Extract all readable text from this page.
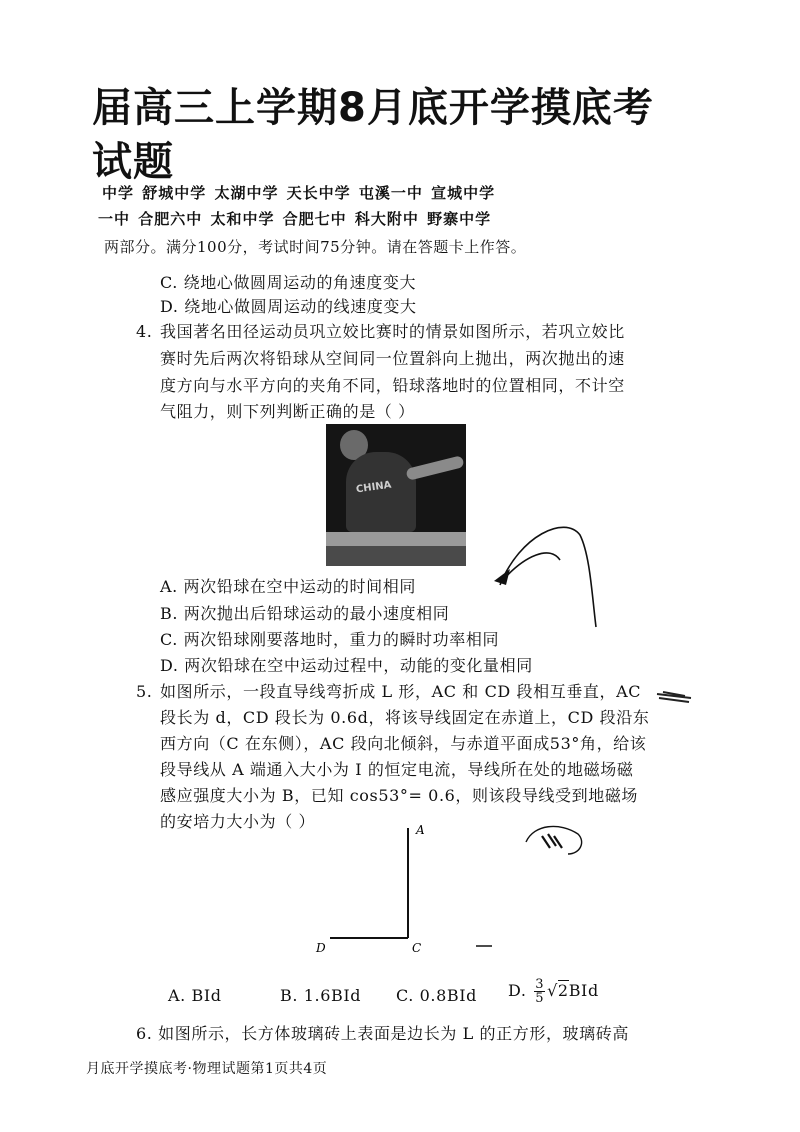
届高三上学期8月底开学摸底考
试题
中学 舒城中学 太湖中学 天长中学 屯溪一中 宣城中学
一中 合肥六中 太和中学 合肥七中 科大附中 野寨中学
两部分。满分100分，考试时间75分钟。请在答题卡上作答。
C. 绕地心做圆周运动的角速度变大
D. 绕地心做圆周运动的线速度变大
4. 我国著名田径运动员巩立姣比赛时的情景如图所示，若巩立姣比
赛时先后两次将铅球从空间同一位置斜向上抛出，两次抛出的速
度方向与水平方向的夹角不同，铅球落地时的位置相同，不计空
气阻力，则下列判断正确的是（ ）
CHINA
A. 两次铅球在空中运动的时间相同
B. 两次抛出后铅球运动的最小速度相同
C. 两次铅球刚要落地时，重力的瞬时功率相同
D. 两次铅球在空中运动过程中，动能的变化量相同
5. 如图所示，一段直导线弯折成 L 形，AC 和 CD 段相互垂直，AC
段长为 d，CD 段长为 0.6d，将该导线固定在赤道上，CD 段沿东
西方向（C 在东侧），AC 段向北倾斜，与赤道平面成53°角，给该
段导线从 A 端通入大小为 I 的恒定电流，导线所在处的地磁场磁
感应强度大小为 B，已知 cos53°= 0.6，则该段导线受到地磁场
的安培力大小为（ ）	A
C
D
A. BId	B. 1.6BId C. 0.8BId D. $\frac{3}{5} √2BId$
6. 如图所示，长方体玻璃砖上表面是边长为 L 的正方形，玻璃砖高
月底开学摸底考·物理试题第1页共4页
